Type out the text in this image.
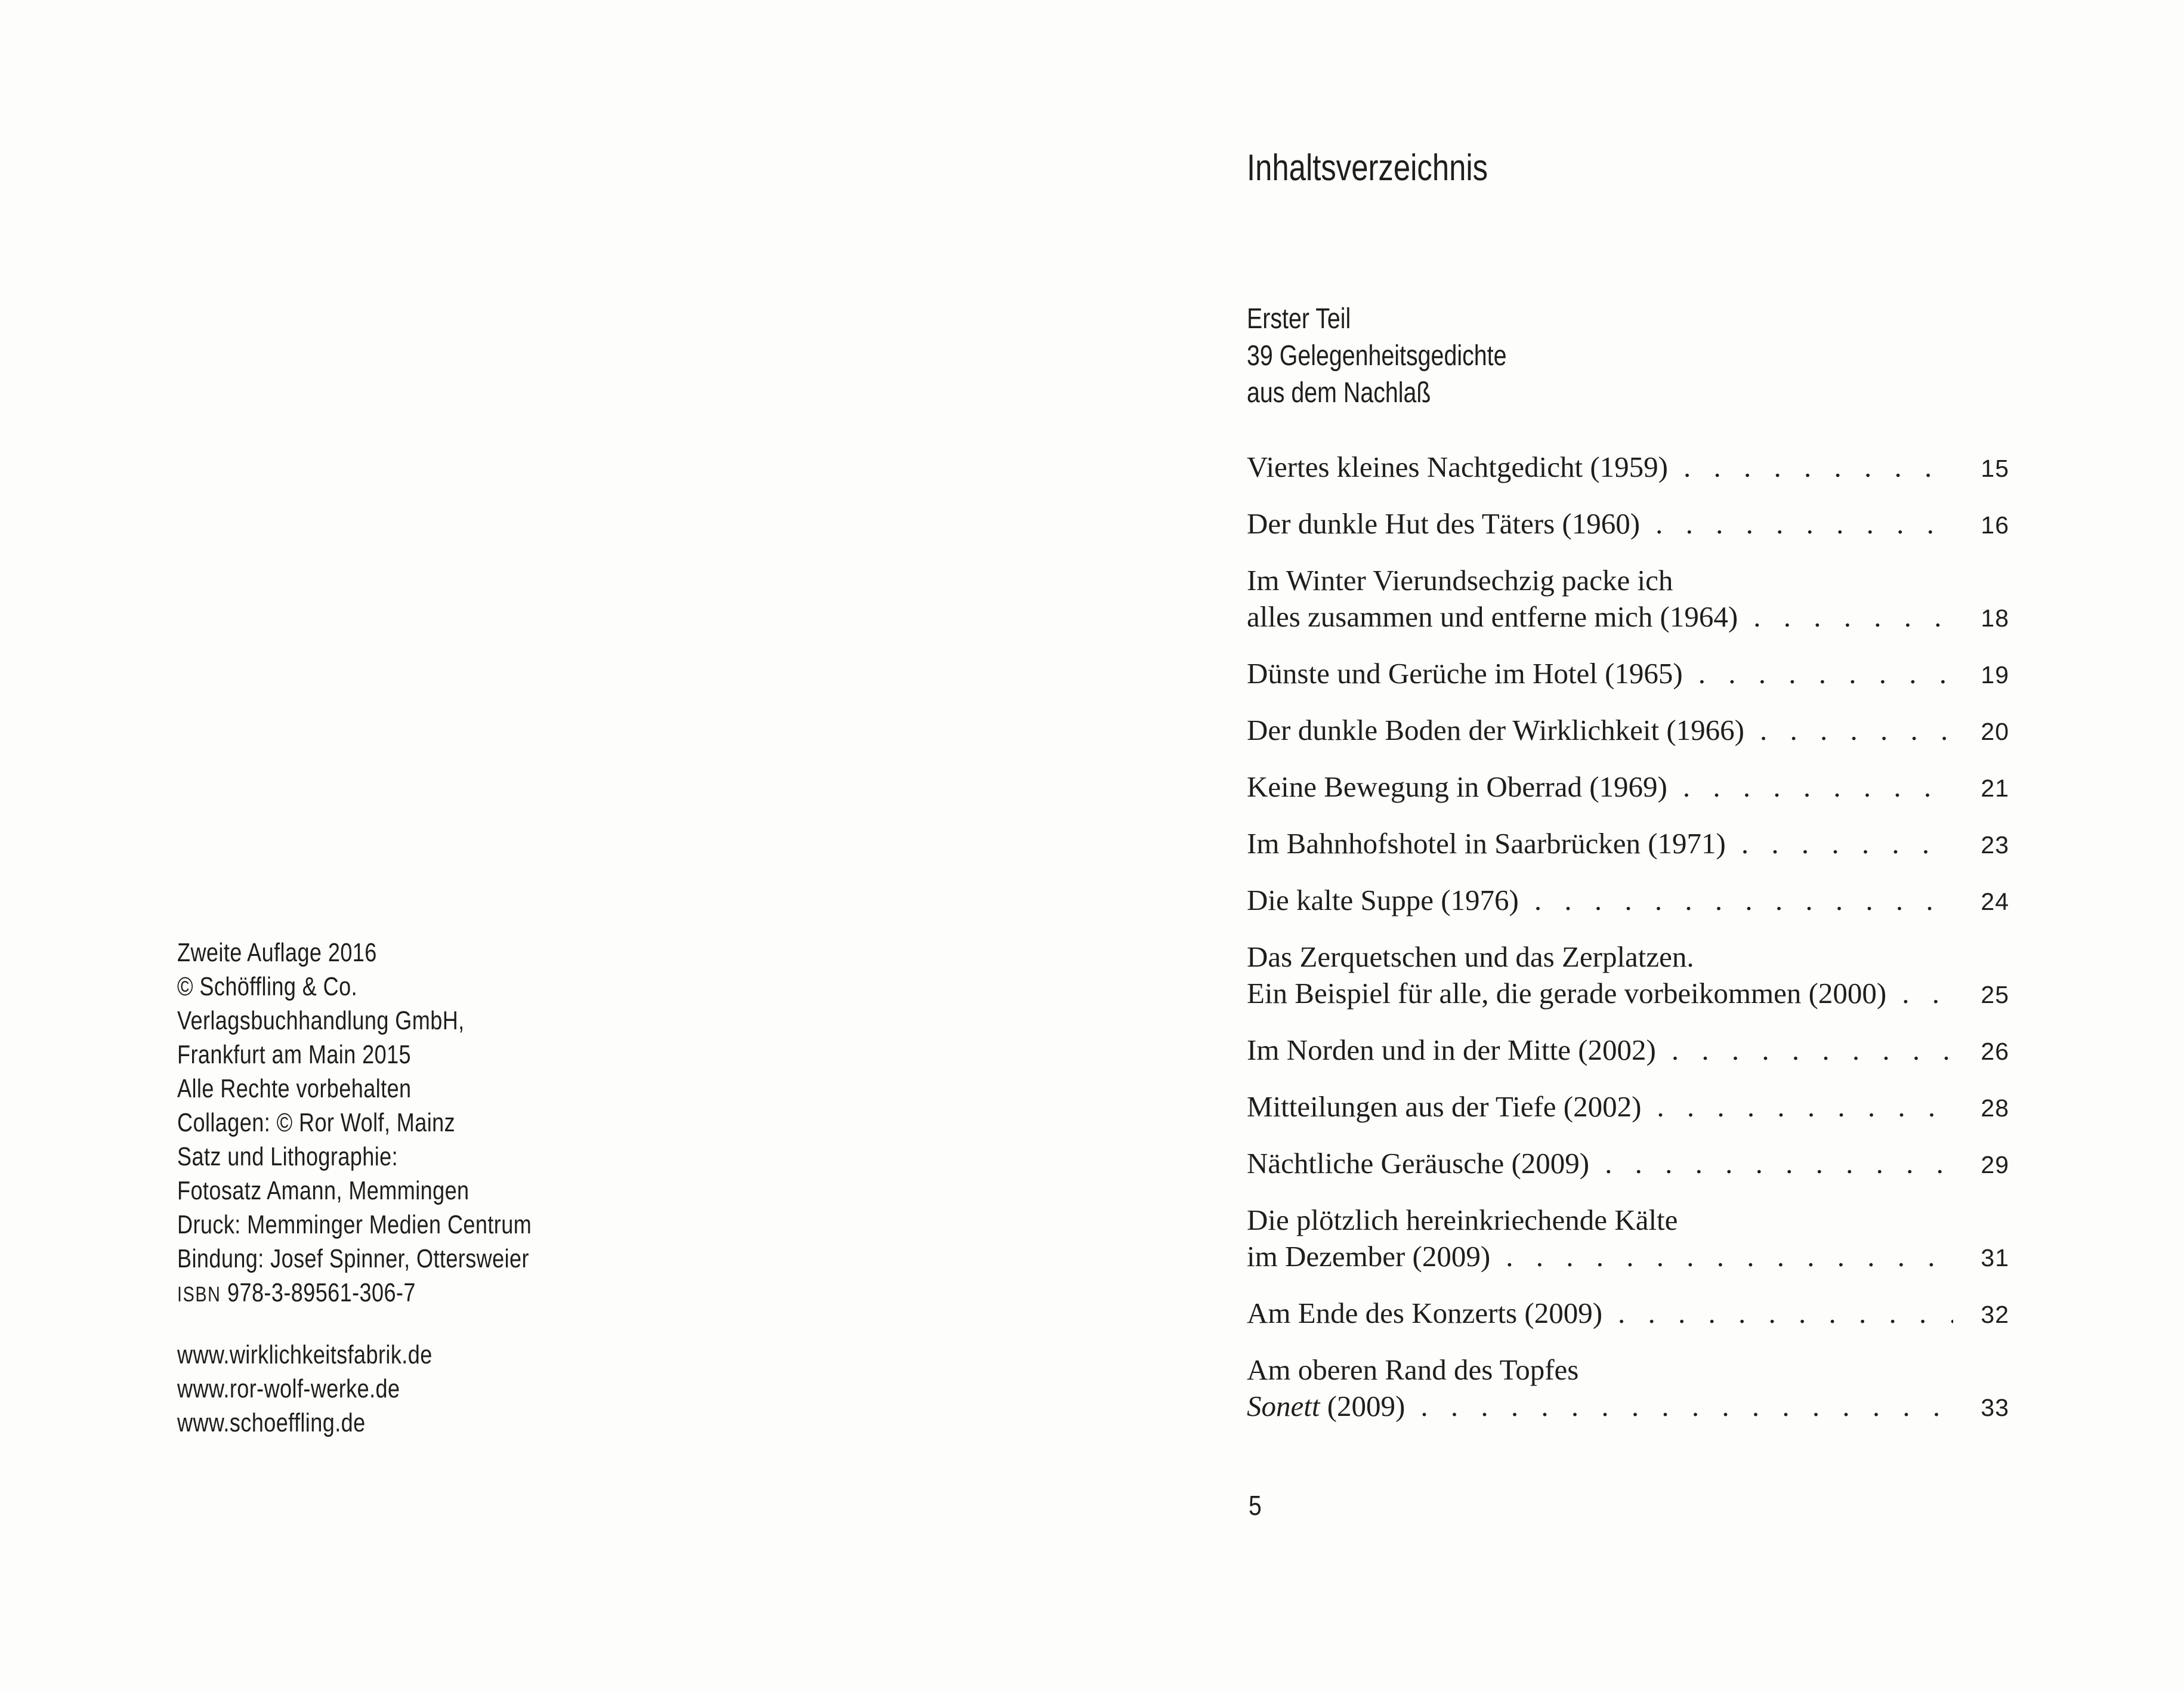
Zweite Auflage 2016
© Schöffling & Co.
Verlagsbuchhandlung GmbH,
Frankfurt am Main 2015
Alle Rechte vorbehalten
Collagen: © Ror Wolf, Mainz
Satz und Lithographie:
Fotosatz Amann, Memmingen
Druck: Memminger Medien Centrum
Bindung: Josef Spinner, Ottersweier
ISBN 978-3-89561-306-7
www.wirklichkeitsfabrik.de
www.ror-wolf-werke.de
www.schoeffling.de
Inhaltsverzeichnis
Erster Teil
39 Gelegenheitsgedichte
aus dem Nachlaß
Viertes kleines Nachtgedicht (1959) . . .	15
Der dunkle Hut des Täters (1960) . . .	16
Im Winter Vierundsechzig packe ich
alles zusammen und entferne mich (1964) . . .	18
Dünste und Gerüche im Hotel (1965) . . .	19
Der dunkle Boden der Wirklichkeit (1966) . . .	20
Keine Bewegung in Oberrad (1969) . . .	21
Im Bahnhofshotel in Saarbrücken (1971) . . .	23
Die kalte Suppe (1976) . . .	24
Das Zerquetschen und das Zerplatzen.
Ein Beispiel für alle, die gerade vorbeikommen (2000) . . .	25
Im Norden und in der Mitte (2002) . . .	26
Mitteilungen aus der Tiefe (2002) . . .	28
Nächtliche Geräusche (2009) . . .	29
Die plötzlich hereinkriechende Kälte
im Dezember (2009) . . .	31
Am Ende des Konzerts (2009) . . .	32
Am oberen Rand des Topfes
Sonett (2009) . . .	33
5
